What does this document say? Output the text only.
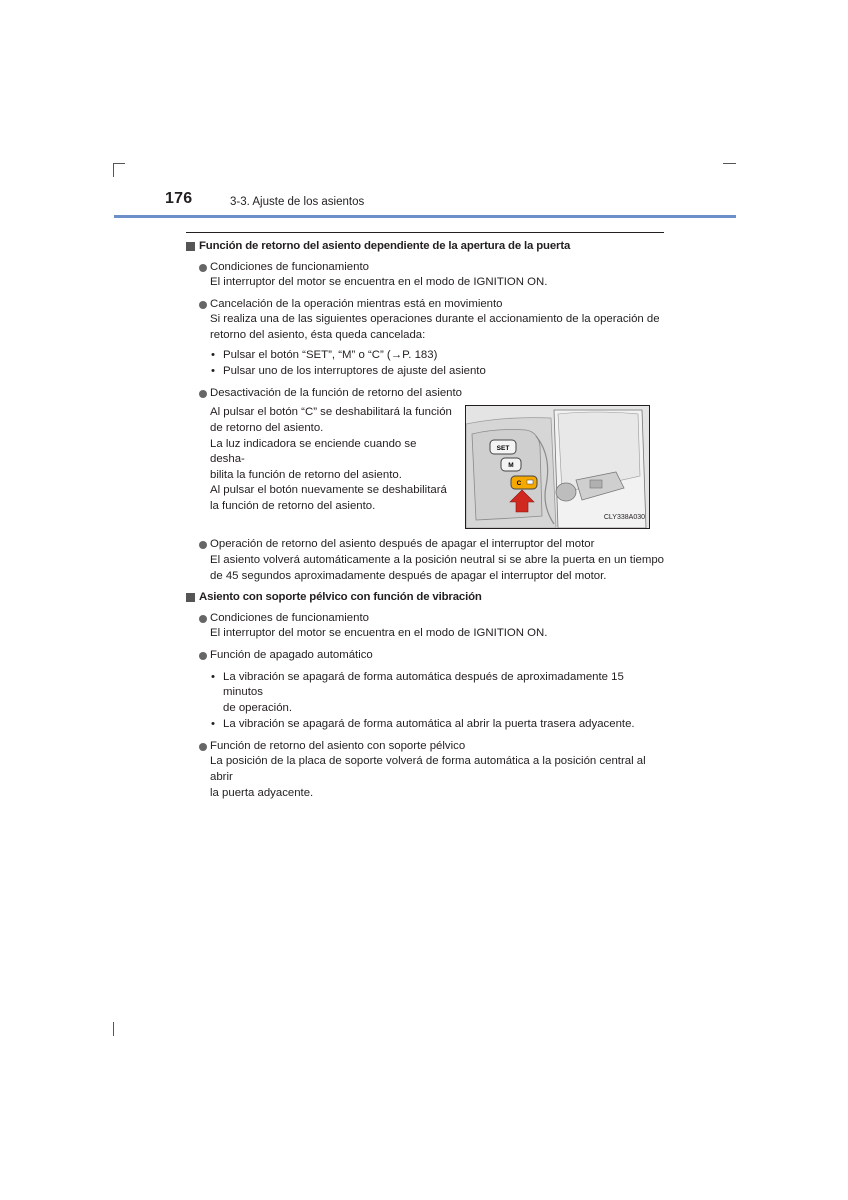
176	3-3. Ajuste de los asientos
Función de retorno del asiento dependiente de la apertura de la puerta
Condiciones de funcionamiento
El interruptor del motor se encuentra en el modo de IGNITION ON.
Cancelación de la operación mientras está en movimiento
Si realiza una de las siguientes operaciones durante el accionamiento de la operación de
retorno del asiento, ésta queda cancelada:
• Pulsar el botón “SET”, “M” o “C” (→P. 183)
• Pulsar uno de los interruptores de ajuste del asiento
Desactivación de la función de retorno del asiento
Al pulsar el botón “C” se deshabilitará la función
de retorno del asiento.
La luz indicadora se enciende cuando se desha-
bilita la función de retorno del asiento.
Al pulsar el botón nuevamente se deshabilitará
la función de retorno del asiento.
SET
M
C
CLY338A030
Operación de retorno del asiento después de apagar el interruptor del motor
El asiento volverá automáticamente a la posición neutral si se abre la puerta en un tiempo
de 45 segundos aproximadamente después de apagar el interruptor del motor.
Asiento con soporte pélvico con función de vibración
Condiciones de funcionamiento
El interruptor del motor se encuentra en el modo de IGNITION ON.
Función de apagado automático
• La vibración se apagará de forma automática después de aproximadamente 15 minutos
de operación.
• La vibración se apagará de forma automática al abrir la puerta trasera adyacente.
Función de retorno del asiento con soporte pélvico
La posición de la placa de soporte volverá de forma automática a la posición central al abrir
la puerta adyacente.
